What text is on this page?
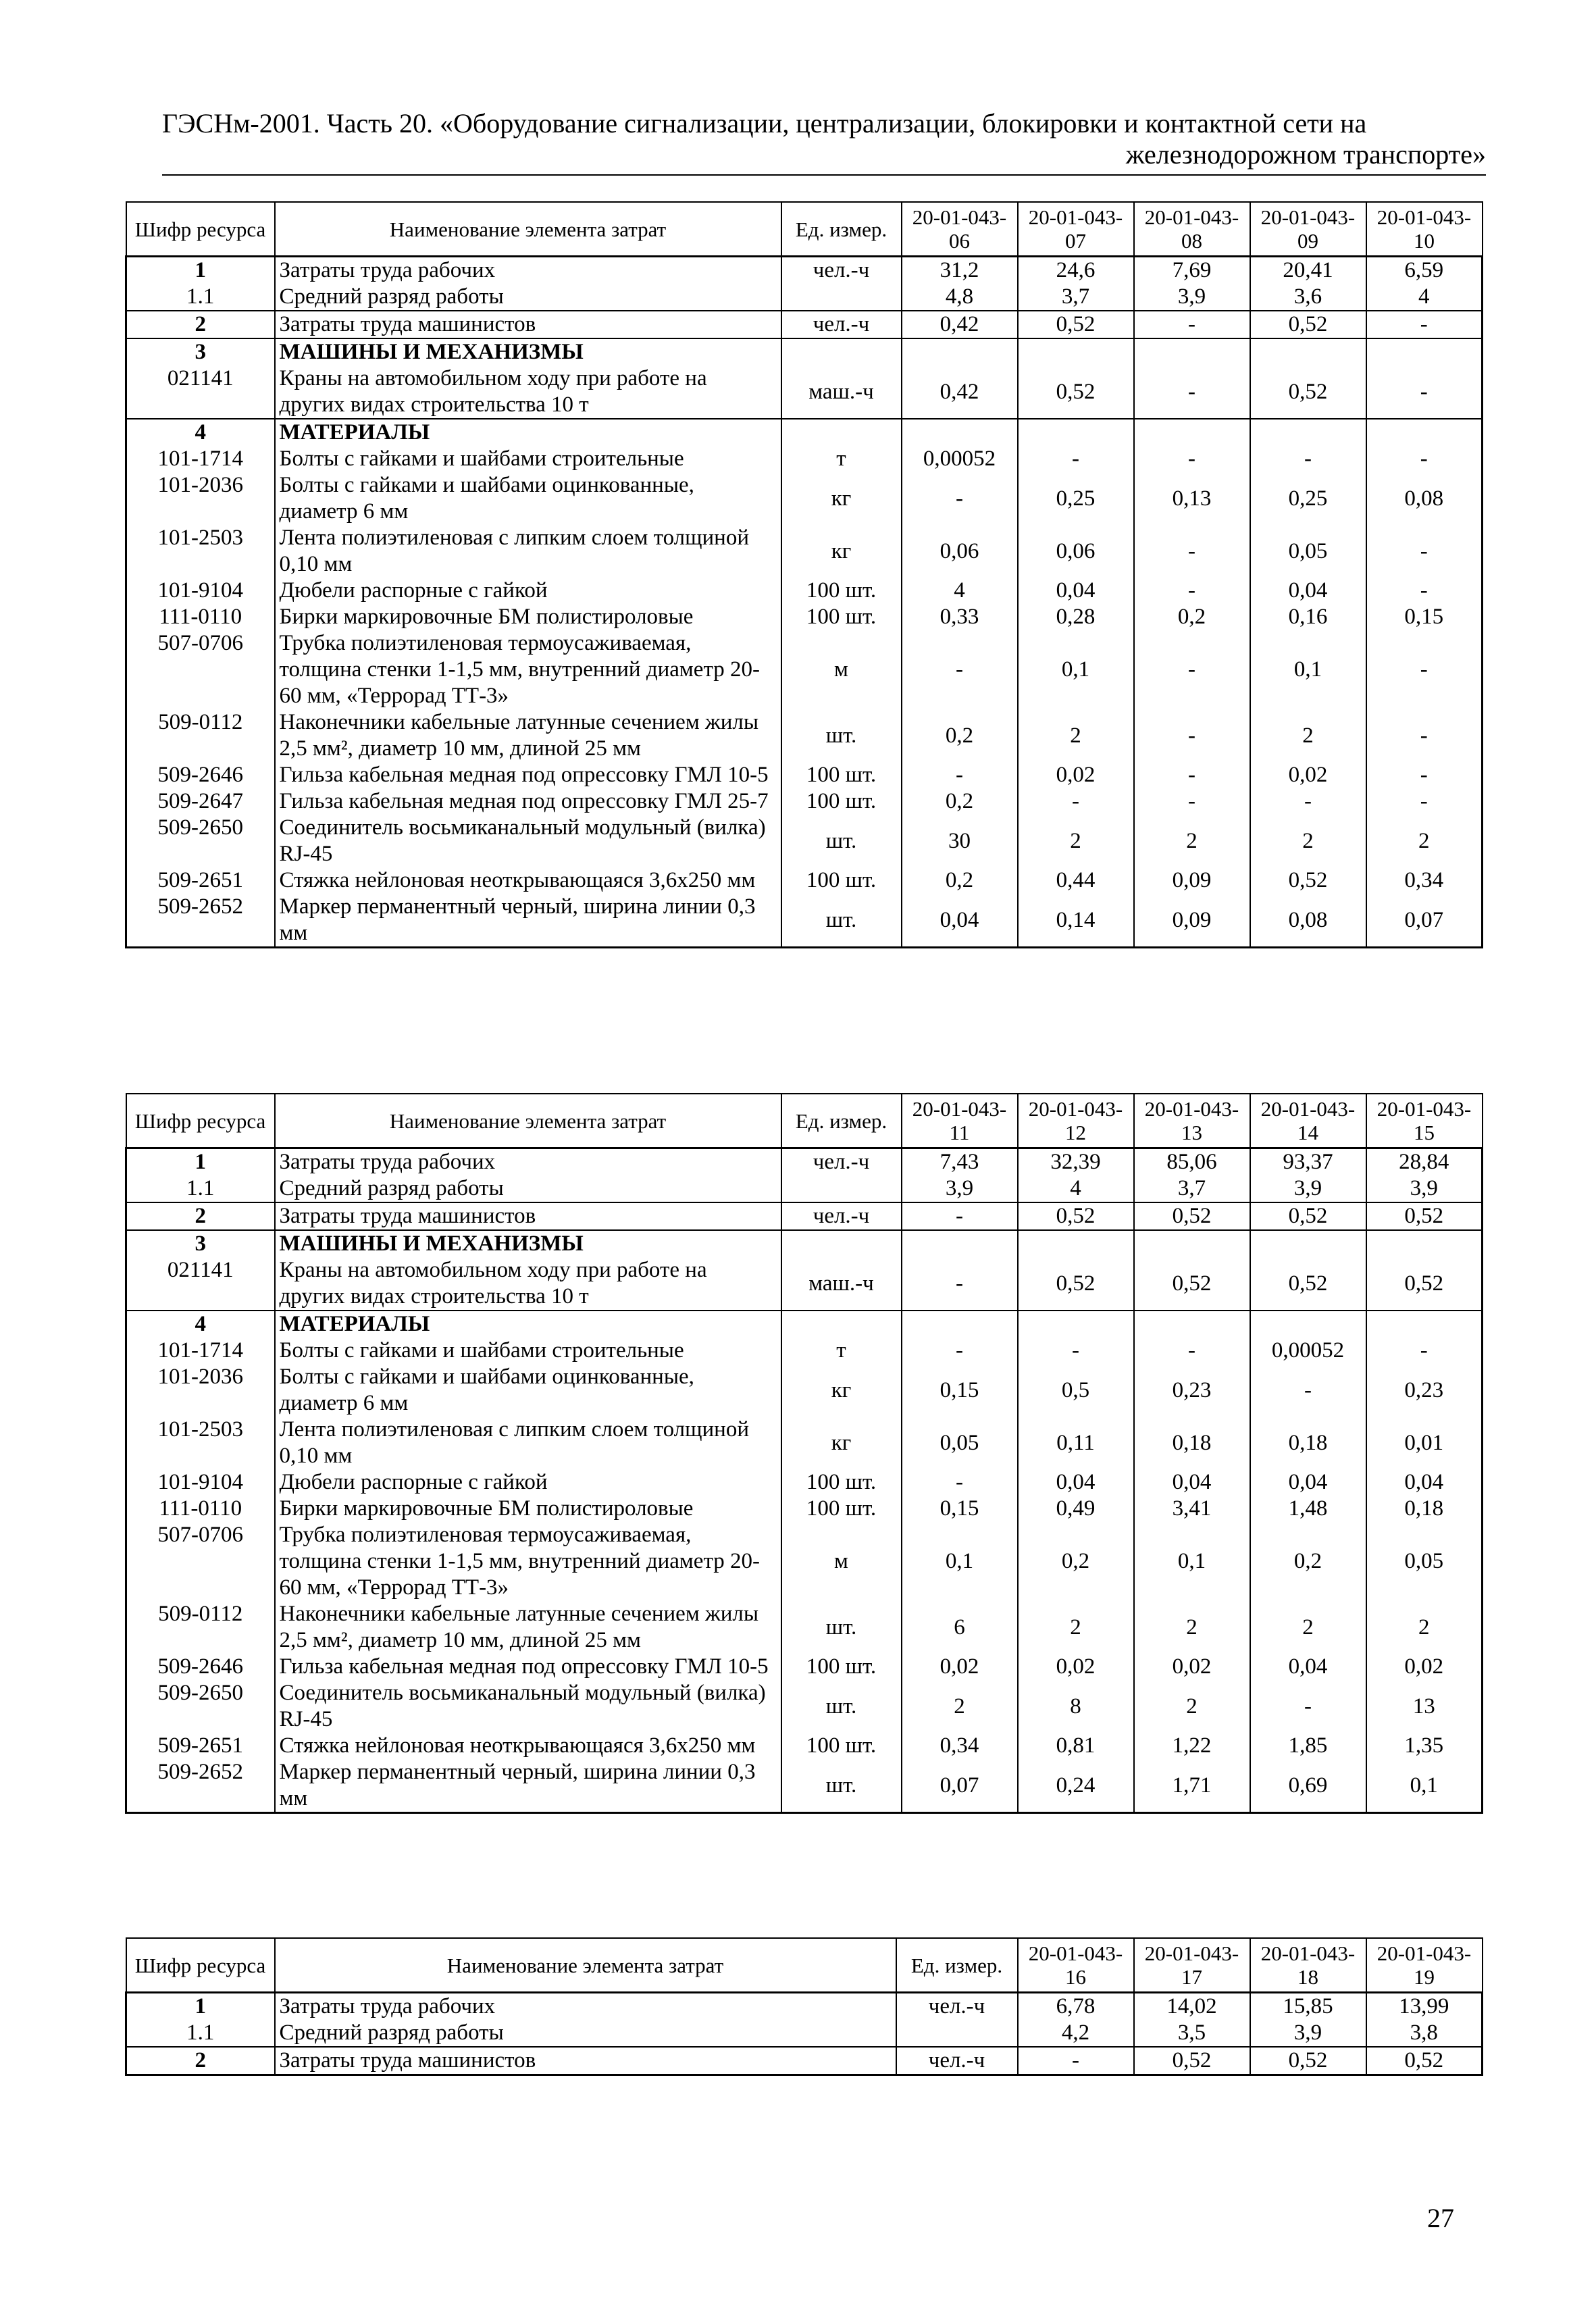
ГЭСНм-2001. Часть 20. «Оборудование сигнализации, централизации, блокировки и контактной сети на
железнодорожном транспорте»
Шифр ресурса	Наименование элемента затрат	Ед. измер.	20-01-043-06	20-01-043-07	20-01-043-08	20-01-043-09	20-01-043-10
1	Затраты труда рабочих	чел.-ч	31,2	24,6	7,69	20,41	6,59
1.1	Средний разряд работы		4,8	3,7	3,9	3,6	4
2	Затраты труда машинистов	чел.-ч	0,42	0,52	-	0,52	-
3	МАШИНЫ И МЕХАНИЗМЫ						
021141	Краны на автомобильном ходу при работе на других видах строительства 10 т	маш.-ч	0,42	0,52	-	0,52	-
4	МАТЕРИАЛЫ						
101-1714	Болты с гайками и шайбами строительные	т	0,00052	-	-	-	-
101-2036	Болты с гайками и шайбами оцинкованные, диаметр 6 мм	кг	-	0,25	0,13	0,25	0,08
101-2503	Лента полиэтиленовая с липким слоем толщиной 0,10 мм	кг	0,06	0,06	-	0,05	-
101-9104	Дюбели распорные с гайкой	100 шт.	4	0,04	-	0,04	-
111-0110	Бирки маркировочные БМ полистироловые	100 шт.	0,33	0,28	0,2	0,16	0,15
507-0706	Трубка полиэтиленовая термоусаживаемая, толщина стенки 1-1,5 мм, внутренний диаметр 20-60 мм, «Террорад ТТ-3»	м	-	0,1	-	0,1	-
509-0112	Наконечники кабельные латунные сечением жилы 2,5 мм², диаметр 10 мм, длиной 25 мм	шт.	0,2	2	-	2	-
509-2646	Гильза кабельная медная под опрессовку ГМЛ 10-5	100 шт.	-	0,02	-	0,02	-
509-2647	Гильза кабельная медная под опрессовку ГМЛ 25-7	100 шт.	0,2	-	-	-	-
509-2650	Соединитель восьмиканальный модульный (вилка) RJ-45	шт.	30	2	2	2	2
509-2651	Стяжка нейлоновая неоткрывающаяся 3,6х250 мм	100 шт.	0,2	0,44	0,09	0,52	0,34
509-2652	Маркер перманентный черный, ширина линии 0,3 мм	шт.	0,04	0,14	0,09	0,08	0,07
Шифр ресурса	Наименование элемента затрат	Ед. измер.	20-01-043-11	20-01-043-12	20-01-043-13	20-01-043-14	20-01-043-15
1	Затраты труда рабочих	чел.-ч	7,43	32,39	85,06	93,37	28,84
1.1	Средний разряд работы		3,9	4	3,7	3,9	3,9
2	Затраты труда машинистов	чел.-ч	-	0,52	0,52	0,52	0,52
3	МАШИНЫ И МЕХАНИЗМЫ						
021141	Краны на автомобильном ходу при работе на других видах строительства 10 т	маш.-ч	-	0,52	0,52	0,52	0,52
4	МАТЕРИАЛЫ						
101-1714	Болты с гайками и шайбами строительные	т	-	-	-	0,00052	-
101-2036	Болты с гайками и шайбами оцинкованные, диаметр 6 мм	кг	0,15	0,5	0,23	-	0,23
101-2503	Лента полиэтиленовая с липким слоем толщиной 0,10 мм	кг	0,05	0,11	0,18	0,18	0,01
101-9104	Дюбели распорные с гайкой	100 шт.	-	0,04	0,04	0,04	0,04
111-0110	Бирки маркировочные БМ полистироловые	100 шт.	0,15	0,49	3,41	1,48	0,18
507-0706	Трубка полиэтиленовая термоусаживаемая, толщина стенки 1-1,5 мм, внутренний диаметр 20-60 мм, «Террорад ТТ-3»	м	0,1	0,2	0,1	0,2	0,05
509-0112	Наконечники кабельные латунные сечением жилы 2,5 мм², диаметр 10 мм, длиной 25 мм	шт.	6	2	2	2	2
509-2646	Гильза кабельная медная под опрессовку ГМЛ 10-5	100 шт.	0,02	0,02	0,02	0,04	0,02
509-2650	Соединитель восьмиканальный модульный (вилка) RJ-45	шт.	2	8	2	-	13
509-2651	Стяжка нейлоновая неоткрывающаяся 3,6х250 мм	100 шт.	0,34	0,81	1,22	1,85	1,35
509-2652	Маркер перманентный черный, ширина линии 0,3 мм	шт.	0,07	0,24	1,71	0,69	0,1
Шифр ресурса	Наименование элемента затрат	Ед. измер.	20-01-043-16	20-01-043-17	20-01-043-18	20-01-043-19
1	Затраты труда рабочих	чел.-ч	6,78	14,02	15,85	13,99
1.1	Средний разряд работы		4,2	3,5	3,9	3,8
2	Затраты труда машинистов	чел.-ч	-	0,52	0,52	0,52
27
